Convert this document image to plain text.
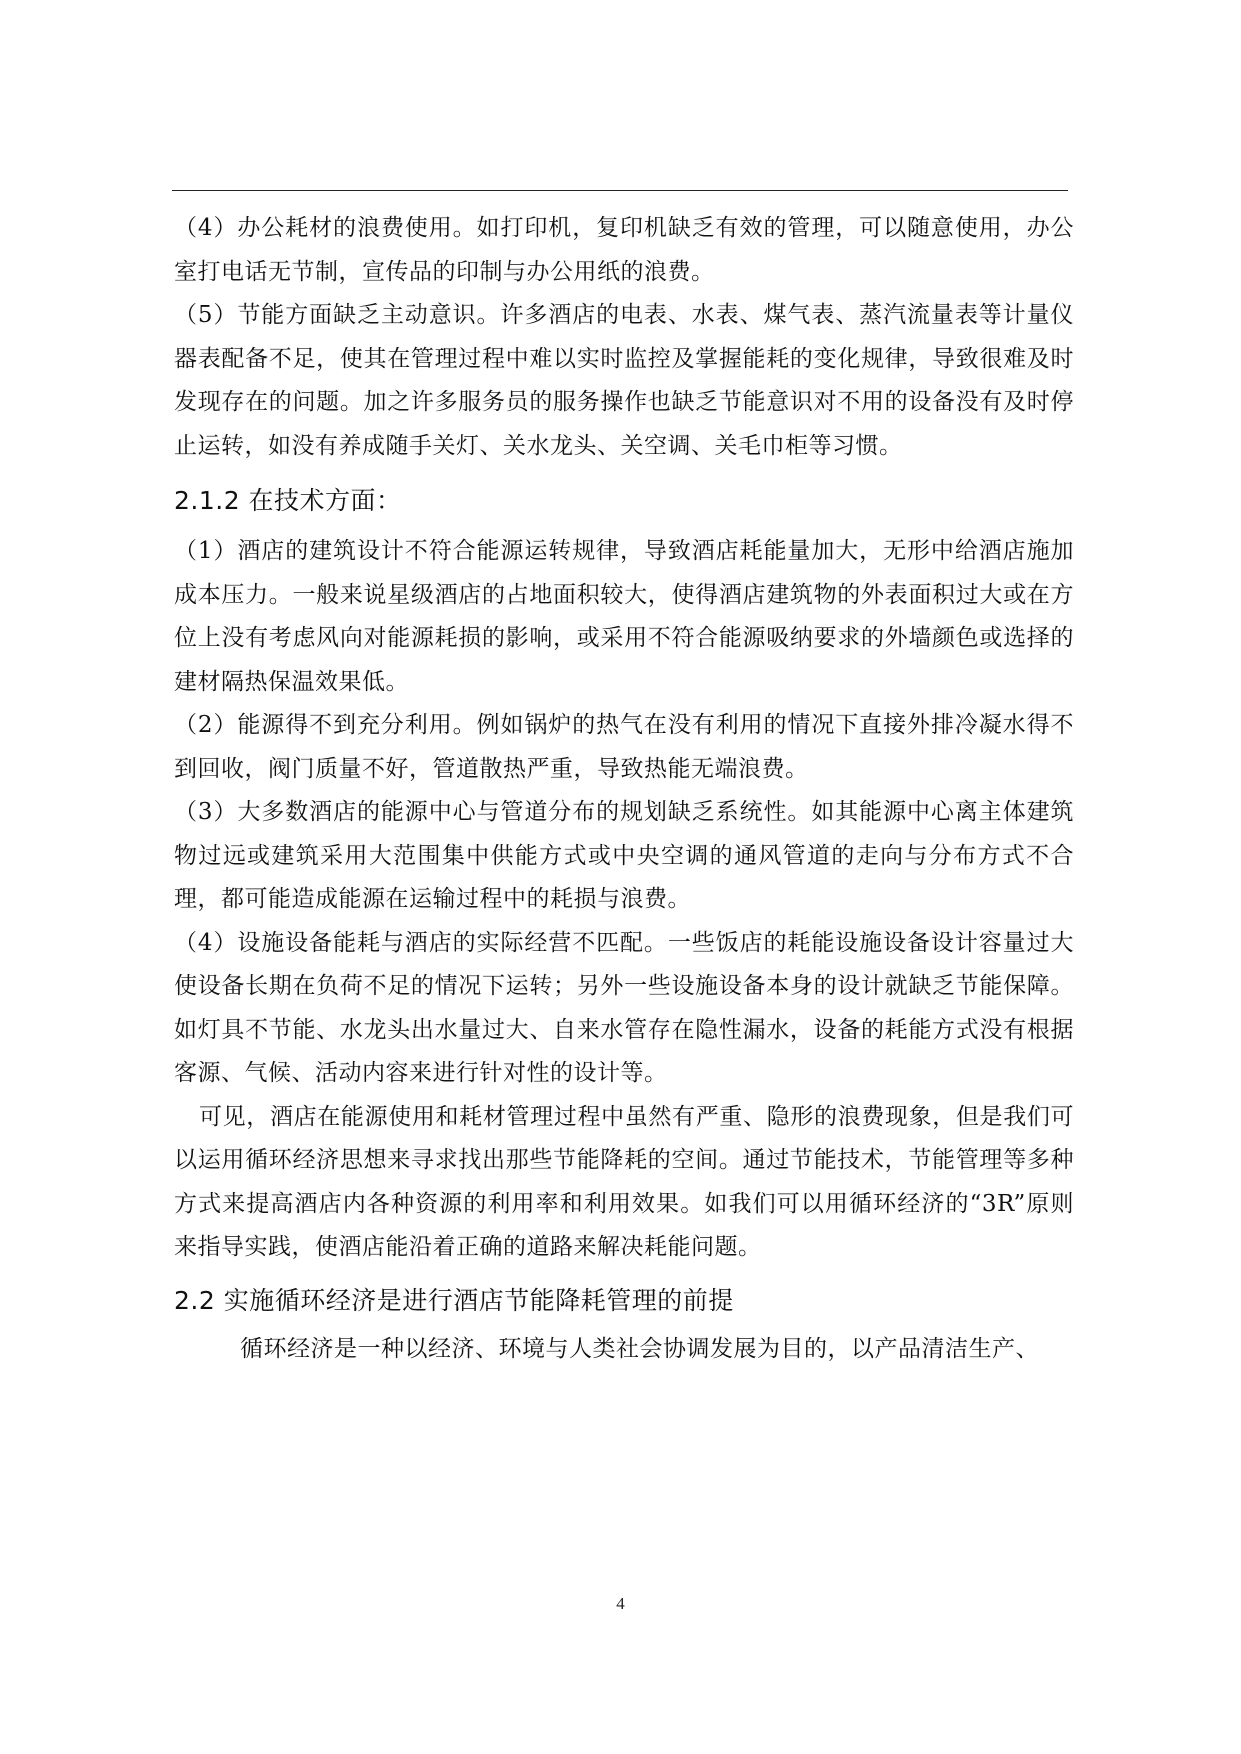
（4）办公耗材的浪费使用。如打印机，复印机缺乏有效的管理，可以随意使用，办公室打电话无节制，宣传品的印制与办公用纸的浪费。

（5）节能方面缺乏主动意识。许多酒店的电表、水表、煤气表、蒸汽流量表等计量仪器表配备不足，使其在管理过程中难以实时监控及掌握能耗的变化规律，导致很难及时发现存在的问题。加之许多服务员的服务操作也缺乏节能意识对不用的设备没有及时停止运转，如没有养成随手关灯、关水龙头、关空调、关毛巾柜等习惯。

2.1.2 在技术方面：

（1）酒店的建筑设计不符合能源运转规律，导致酒店耗能量加大，无形中给酒店施加成本压力。一般来说星级酒店的占地面积较大，使得酒店建筑物的外表面积过大或在方位上没有考虑风向对能源耗损的影响，或采用不符合能源吸纳要求的外墙颜色或选择的建材隔热保温效果低。

（2）能源得不到充分利用。例如锅炉的热气在没有利用的情况下直接外排冷凝水得不到回收，阀门质量不好，管道散热严重，导致热能无端浪费。

（3）大多数酒店的能源中心与管道分布的规划缺乏系统性。如其能源中心离主体建筑物过远或建筑采用大范围集中供能方式或中央空调的通风管道的走向与分布方式不合理，都可能造成能源在运输过程中的耗损与浪费。

（4）设施设备能耗与酒店的实际经营不匹配。一些饭店的耗能设施设备设计容量过大使设备长期在负荷不足的情况下运转；另外一些设施设备本身的设计就缺乏节能保障。如灯具不节能、水龙头出水量过大、自来水管存在隐性漏水，设备的耗能方式没有根据客源、气候、活动内容来进行针对性的设计等。

可见，酒店在能源使用和耗材管理过程中虽然有严重、隐形的浪费现象，但是我们可以运用循环经济思想来寻求找出那些节能降耗的空间。通过节能技术，节能管理等多种方式来提高酒店内各种资源的利用率和利用效果。如我们可以用循环经济的“3R”原则来指导实践，使酒店能沿着正确的道路来解决耗能问题。

2.2 实施循环经济是进行酒店节能降耗管理的前提

循环经济是一种以经济、环境与人类社会协调发展为目的，以产品清洁生产、

4
